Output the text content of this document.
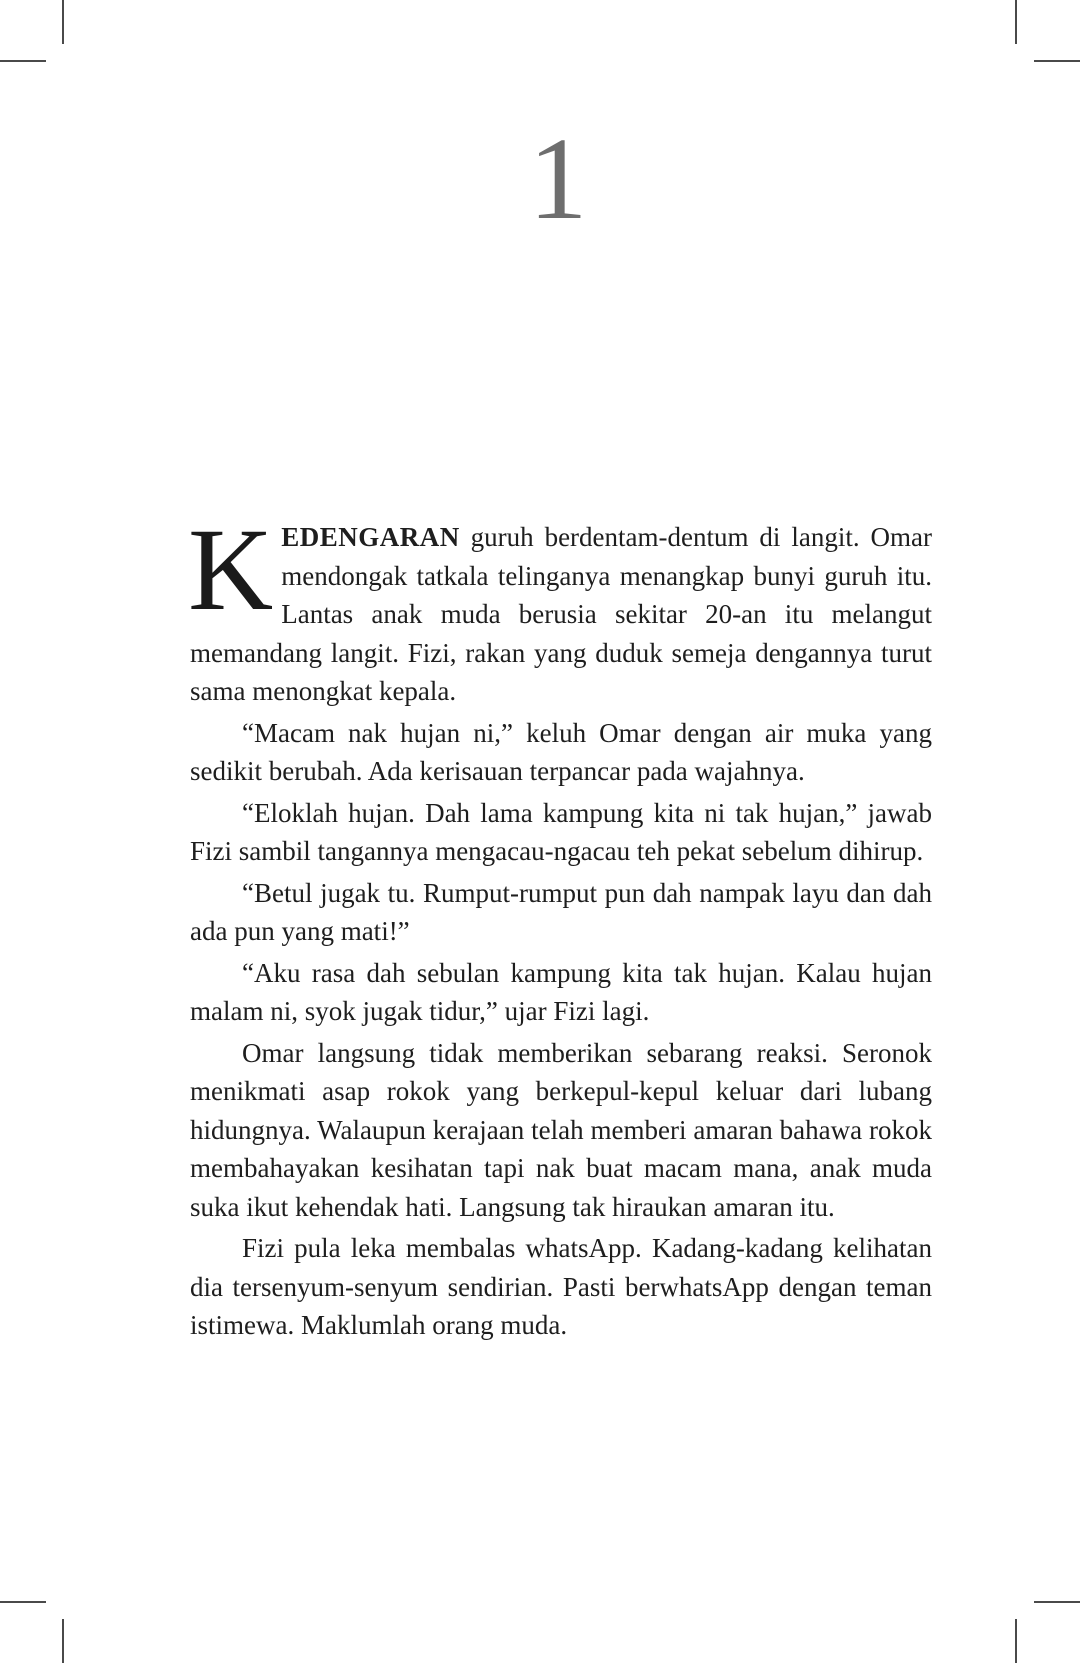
1

KEDENGARAN guruh berdentam-dentum di langit. Omar mendongak tatkala telinganya menangkap bunyi guruh itu. Lantas anak muda berusia sekitar 20-an itu melangut memandang langit. Fizi, rakan yang duduk semeja dengannya turut sama menongkat kepala.

“Macam nak hujan ni,” keluh Omar dengan air muka yang sedikit berubah. Ada kerisauan terpancar pada wajahnya.

“Eloklah hujan. Dah lama kampung kita ni tak hujan,” jawab Fizi sambil tangannya mengacau-ngacau teh pekat sebelum dihirup.

“Betul jugak tu. Rumput-rumput pun dah nampak layu dan dah ada pun yang mati!”

“Aku rasa dah sebulan kampung kita tak hujan. Kalau hujan malam ni, syok jugak tidur,” ujar Fizi lagi.

Omar langsung tidak memberikan sebarang reaksi. Seronok menikmati asap rokok yang berkepul-kepul keluar dari lubang hidungnya. Walaupun kerajaan telah memberi amaran bahawa rokok membahayakan kesihatan tapi nak buat macam mana, anak muda suka ikut kehendak hati. Langsung tak hiraukan amaran itu.

Fizi pula leka membalas whatsApp. Kadang-kadang kelihatan dia tersenyum-senyum sendirian. Pasti berwhatsApp dengan teman istimewa. Maklumlah orang muda.
